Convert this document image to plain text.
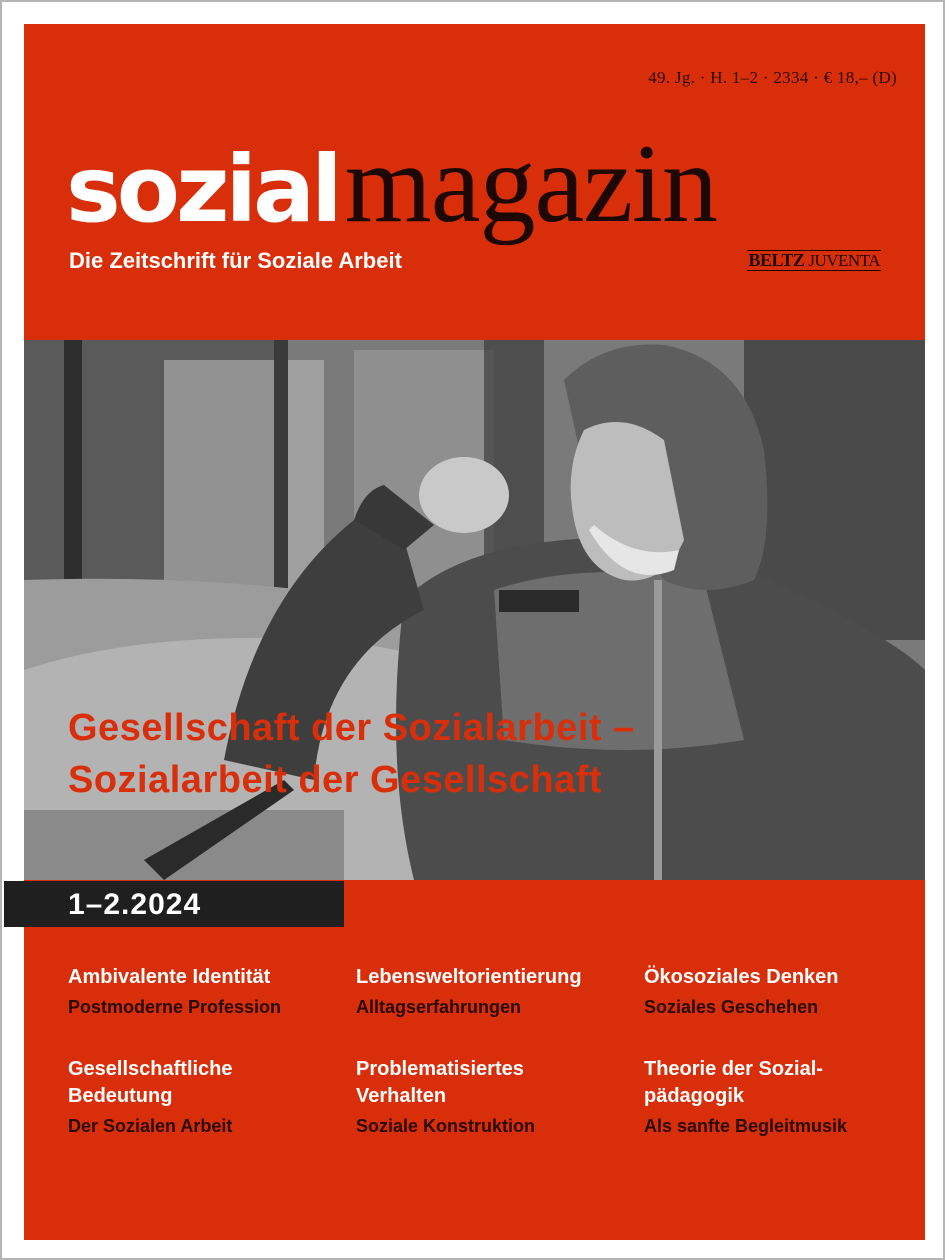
49. Jg. · H. 1–2 · 2334 · € 18,– (D)
sozialmagazin
Die Zeitschrift für Soziale Arbeit	BELTZ JUVENTA
Gesellschaft der Sozialarbeit –
Sozialarbeit der Gesellschaft
1–2.2024
Ambivalente Identität
Postmoderne Profession
Lebensweltorientierung
Alltagserfahrungen
Ökosoziales Denken
Soziales Geschehen
Gesellschaftliche Bedeutung
Der Sozialen Arbeit
Problematisiertes Verhalten
Soziale Konstruktion
Theorie der Sozial-pädagogik
Als sanfte Begleitmusik
